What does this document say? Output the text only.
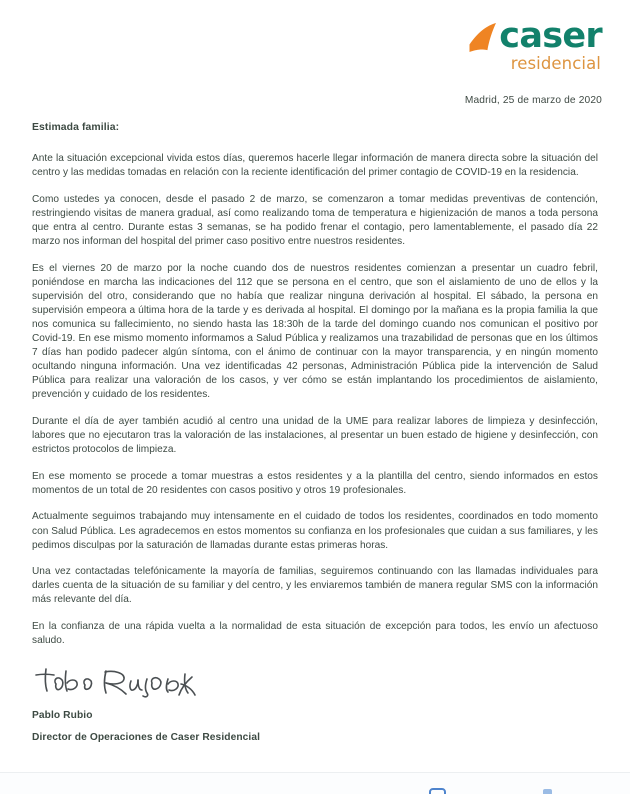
caser
residencial
Madrid, 25 de marzo de 2020
Estimada familia:

Ante la situación excepcional vivida estos días, queremos hacerle llegar información de manera directa sobre la situación del centro y las medidas tomadas en relación con la reciente identificación del primer contagio de COVID-19 en la residencia.

Como ustedes ya conocen, desde el pasado 2 de marzo, se comenzaron a tomar medidas preventivas de contención, restringiendo visitas de manera gradual, así como realizando toma de temperatura e higienización de manos a toda persona que entra al centro. Durante estas 3 semanas, se ha podido frenar el contagio, pero lamentablemente, el pasado día 22 marzo nos informan del hospital del primer caso positivo entre nuestros residentes.

Es el viernes 20 de marzo por la noche cuando dos de nuestros residentes comienzan a presentar un cuadro febril, poniéndose en marcha las indicaciones del 112 que se persona en el centro, que son el aislamiento de uno de ellos y la supervisión del otro, considerando que no había que realizar ninguna derivación al hospital. El sábado, la persona en supervisión empeora a última hora de la tarde y es derivada al hospital. El domingo por la mañana es la propia familia la que nos comunica su fallecimiento, no siendo hasta las 18:30h de la tarde del domingo cuando nos comunican el positivo por Covid-19. En ese mismo momento informamos a Salud Pública y realizamos una trazabilidad de personas que en los últimos 7 días han podido padecer algún síntoma, con el ánimo de continuar con la mayor transparencia, y en ningún momento ocultando ninguna información. Una vez identificadas 42 personas, Administración Pública pide la intervención de Salud Pública para realizar una valoración de los casos, y ver cómo se están implantando los procedimientos de aislamiento, prevención y cuidado de los residentes.

Durante el día de ayer también acudió al centro una unidad de la UME para realizar labores de limpieza y desinfección, labores que no ejecutaron tras la valoración de las instalaciones, al presentar un buen estado de higiene y desinfección, con estrictos protocolos de limpieza.

En ese momento se procede a tomar muestras a estos residentes y a la plantilla del centro, siendo informados en estos momentos de un total de 20 residentes con casos positivo y otros 19 profesionales.

Actualmente seguimos trabajando muy intensamente en el cuidado de todos los residentes, coordinados en todo momento con Salud Pública. Les agradecemos en estos momentos su confianza en los profesionales que cuidan a sus familiares, y les pedimos disculpas por la saturación de llamadas durante estas primeras horas.

Una vez contactadas telefónicamente la mayoría de familias, seguiremos continuando con las llamadas individuales para darles cuenta de la situación de su familiar y del centro, y les enviaremos también de manera regular SMS con la información más relevante del día.

En la confianza de una rápida vuelta a la normalidad de esta situación de excepción para todos, les envío un afectuoso saludo.

Pablo Rubio
Director de Operaciones de Caser Residencial
